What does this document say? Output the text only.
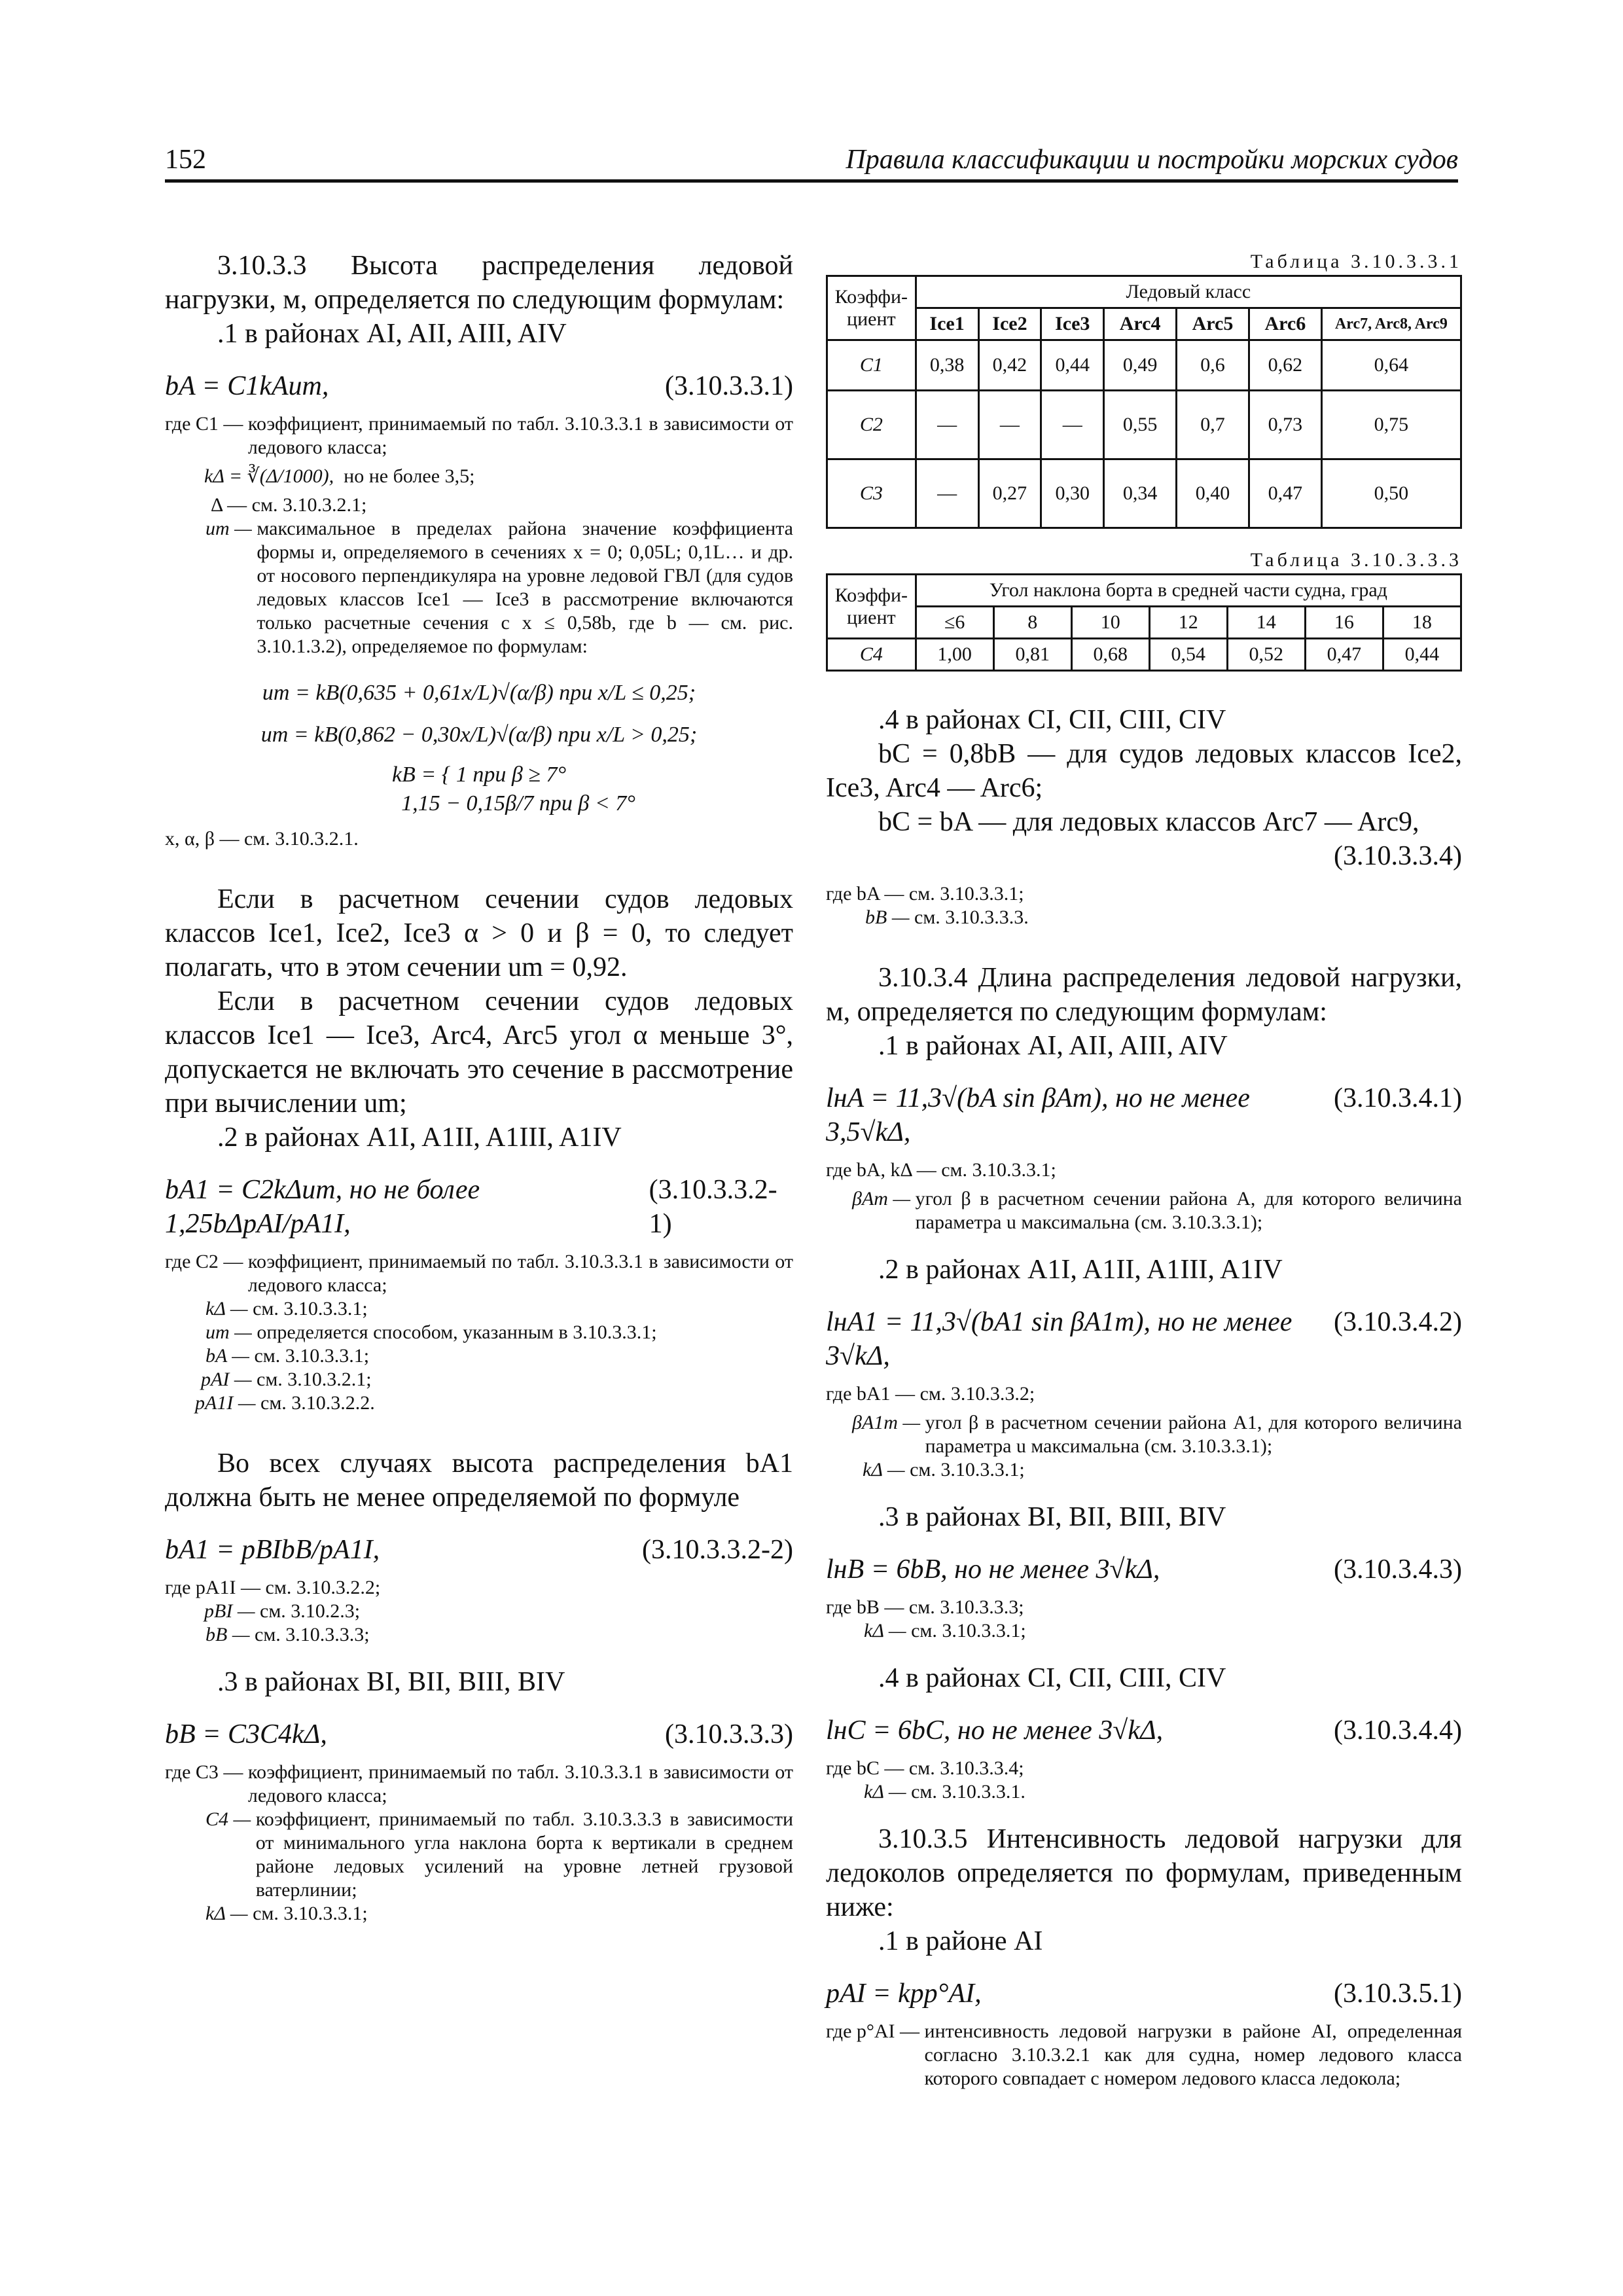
152	Правила классификации и постройки морских судов

3.10.3.3 Высота распределения ледовой нагрузки, м, определяется по следующим формулам:

.1 в районах AI, AII, AIII, AIV

bA = C1kAum,	(3.10.3.3.1)
где C1 —
коэффициент, принимаемый по табл. 3.10.3.3.1 в зависимости от ледового класса;
kΔ = ∛(Δ/1000),
но не более 3,5;
Δ —
см. 3.10.3.2.1;
um —
максимальное в пределах района значение коэффициента формы и, определяемого в сечениях x = 0; 0,05L; 0,1L… и др. от носового перпендикуляра на уровне ледовой ГВЛ (для судов ледовых классов Ice1 — Ice3 в рассмотрение включаются только расчетные сечения с x ≤ 0,58b, где b — см. рис. 3.10.1.3.2), определяемое по формулам:
um = kB(0,635 + 0,61x/L)√(α/β) при x/L ≤ 0,25;
um = kB(0,862 − 0,30x/L)√(α/β) при x/L > 0,25;
kB = { 1 при β ≥ 7°
1,15 − 0,15β/7 при β < 7°

x, α, β — см. 3.10.3.2.1.

Если в расчетном сечении судов ледовых классов Ice1, Ice2, Ice3 α > 0 и β = 0, то следует полагать, что в этом сечении um = 0,92.

Если в расчетном сечении судов ледовых классов Ice1 — Ice3, Arc4, Arc5 угол α меньше 3°, допускается не включать это сечение в рассмотрение при вычислении um;

.2 в районах A1I, A1II, A1III, A1IV

bA1 = C2kΔum, но не более 1,25bΔpAI/pA1I,
(3.10.3.3.2-1)
где C2 —
коэффициент, принимаемый по табл. 3.10.3.3.1 в зависимости от ледового класса;
kΔ —
см. 3.10.3.3.1;
um —
определяется способом, указанным в 3.10.3.3.1;
bA —
см. 3.10.3.3.1;
pAI —
см. 3.10.3.2.1;
pA1I —
см. 3.10.3.2.2.

Во всех случаях высота распределения bA1 должна быть не менее определяемой по формуле

bA1 = pBIbB/pA1I,	(3.10.3.3.2-2)
где pA1I —
см. 3.10.3.2.2;
pBI —
см. 3.10.2.3;
bB —
см. 3.10.3.3.3;

.3 в районах BI, BII, BIII, BIV

bB = C3C4kΔ,	(3.10.3.3.3)
где C3 —
коэффициент, принимаемый по табл. 3.10.3.3.1 в зависимости от ледового класса;
C4 —
коэффициент, принимаемый по табл. 3.10.3.3.3 в зависимости от минимального угла наклона борта к вертикали в среднем районе ледовых усилений на уровне летней грузовой ватерлинии;
kΔ —
см. 3.10.3.3.1;
Таблица 3.10.3.3.1
Коэффи-циент	Ледовый класс						
	Ice1	Ice2	Ice3	Arc4	Arc5	Arc6	Arc7, Arc8, Arc9
C1	0,38	0,42	0,44	0,49	0,6	0,62	0,64
C2	—	—	—	0,55	0,7	0,73	0,75
C3	—	0,27	0,30	0,34	0,40	0,47	0,50
Таблица 3.10.3.3.3
Коэффи-циент	Угол наклона борта в средней части судна, град						
	≤6	8	10	12	14	16	18
C4	1,00	0,81	0,68	0,54	0,52	0,47	0,44

.4 в районах CI, CII, CIII, CIV

bC = 0,8bB — для судов ледовых классов Ice2, Ice3, Arc4 — Arc6;

bC = bA — для ледовых классов Arc7 — Arc9,

(3.10.3.3.4)

где bA —
см. 3.10.3.3.1;
bB —
см. 3.10.3.3.3.

3.10.3.4 Длина распределения ледовой нагрузки, м, определяется по следующим формулам:

.1 в районах AI, AII, AIII, AIV

lнA = 11,3√(bA sin βAm), но не менее 3,5√kΔ,
(3.10.3.4.1)
где bA, kΔ —
см. 3.10.3.3.1;
βAm —
угол β в расчетном сечении района A, для которого величина параметра u максимальна (см. 3.10.3.3.1);

.2 в районах A1I, A1II, A1III, A1IV

lнA1 = 11,3√(bA1 sin βA1m), но не менее 3√kΔ,
(3.10.3.4.2)
где bA1 —
см. 3.10.3.3.2;
βA1m —
угол β в расчетном сечении района A1, для которого величина параметра u максимальна (см. 3.10.3.3.1);
kΔ —
см. 3.10.3.3.1;

.3 в районах BI, BII, BIII, BIV

lнB = 6bB, но не менее 3√kΔ,	(3.10.3.4.3)
где bB —
см. 3.10.3.3.3;
kΔ —
см. 3.10.3.3.1;

.4 в районах CI, CII, CIII, CIV

lнC = 6bC, но не менее 3√kΔ,	(3.10.3.4.4)
где bC —
см. 3.10.3.3.4;
kΔ —
см. 3.10.3.3.1.

3.10.3.5 Интенсивность ледовой нагрузки для ледоколов определяется по формулам, приведенным ниже:

.1 в районе AI

pAI = kpp°AI,	(3.10.3.5.1)
где p°AI —
интенсивность ледовой нагрузки в районе AI, определенная согласно 3.10.3.2.1 как для судна, номер ледового класса которого совпадает с номером ледового класса ледокола;
